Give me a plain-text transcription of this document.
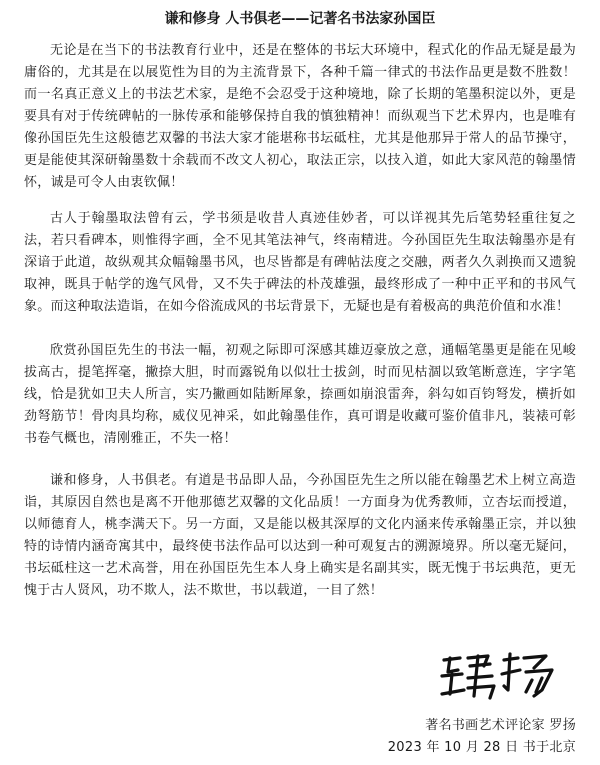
谦和修身 人书俱老——记著名书法家孙国臣

无论是在当下的书法教育行业中，还是在整体的书坛大环境中，程式化的作品无疑是最为庸俗的，尤其是在以展览性为目的为主流背景下，各种千篇一律式的书法作品更是数不胜数！而一名真正意义上的书法艺术家，是绝不会忍受于这种境地，除了长期的笔墨积淀以外，更是要具有对于传统碑帖的一脉传承和能够保持自我的慎独精神！而纵观当下艺术界内，也是唯有像孙国臣先生这般德艺双馨的书法大家才能堪称书坛砥柱，尤其是他那异于常人的品节操守，更是能使其深研翰墨数十余载而不改文人初心，取法正宗，以技入道，如此大家风范的翰墨情怀，诚是可令人由衷钦佩！

古人于翰墨取法曾有云，学书须是收昔人真迹佳妙者，可以详视其先后笔势轻重往复之法，若只看碑本，则惟得字画，全不见其笔法神气，终南精进。今孙国臣先生取法翰墨亦是有深谙于此道，故纵观其众幅翰墨书风，也尽皆都是有碑帖法度之交融，两者久久剥换而又遗貌取神，既具于帖学的逸气风骨，又不失于碑法的朴茂雄强，最终形成了一种中正平和的书风气象。而这种取法造诣，在如今俗流成风的书坛背景下，无疑也是有着极高的典范价值和水准！

欣赏孙国臣先生的书法一幅，初观之际即可深感其雄迈豪放之意，通幅笔墨更是能在见峻拔高古，提笔挥毫，撇捺大胆，时而露锐角以似壮士拔剑，时而见枯涸以致笔断意连，字字笔线，恰是犹如卫夫人所言，实乃撇画如陆断犀象，捺画如崩浪雷奔，斜勾如百钧弩发，横折如劲弩筋节！骨肉具均称，威仪见神采，如此翰墨佳作，真可谓是收藏可鉴价值非凡，装裱可彰书卷气概也，清刚雅正，不失一格！

谦和修身，人书俱老。有道是书品即人品，今孙国臣先生之所以能在翰墨艺术上树立高造诣，其原因自然也是离不开他那德艺双馨的文化品质！一方面身为优秀教师，立杏坛而授道，以师德育人，桃李满天下。另一方面，又是能以极其深厚的文化内涵来传承翰墨正宗，并以独特的诗情内涵奇寓其中，最终使书法作品可以达到一种可观复古的溯源境界。所以毫无疑问，书坛砥柱这一艺术高誉，用在孙国臣先生本人身上确实是名副其实，既无愧于书坛典范，更无愧于古人贤风，功不欺人，法不欺世，书以载道，一目了然！

著名书画艺术评论家 罗扬
2023 年 10 月 28 日 书于北京
